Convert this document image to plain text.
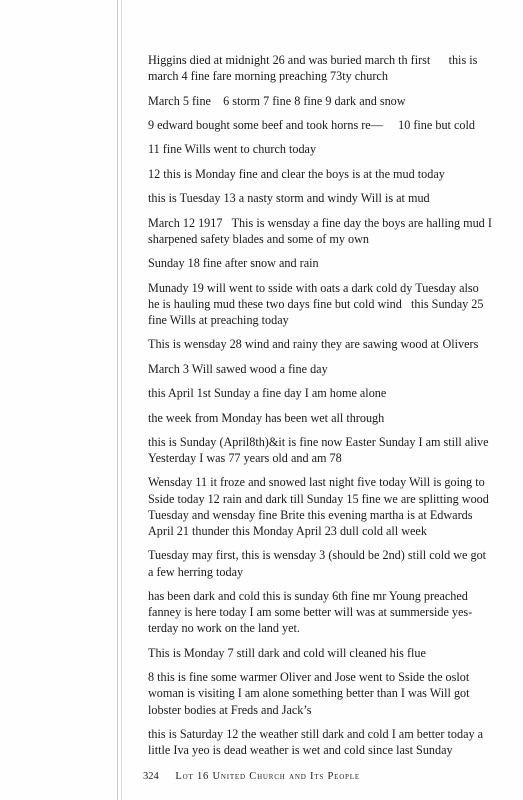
Higgins died at midnight 26 and was buried march th first      this is march 4 fine fare morning preaching 73ty church

March 5 fine    6 storm 7 fine 8 fine 9 dark and snow

9 edward bought some beef and took horns re—     10 fine but cold

11 fine Wills went to church today

12 this is Monday fine and clear the boys is at the mud today

this is Tuesday 13 a nasty storm and windy Will is at mud

March 12 1917   This is wensday a fine day the boys are halling mud I sharpened safety blades and some of my own

Sunday 18 fine after snow and rain

Munady 19 will went to sside with oats a dark cold dy Tuesday also he is hauling mud these two days fine but cold wind   this Sunday 25 fine Wills at preaching today

This is wensday 28 wind and rainy they are sawing wood at Olivers

March 3 Will sawed wood a fine day

this April 1st Sunday a fine day I am home alone

the week from Monday has been wet all through

this is Sunday (April8th)&it is fine now Easter Sunday I am still alive Yesterday I was 77 years old and am 78

Wensday 11 it froze and snowed last night five today Will is going to Sside today 12 rain and dark till Sunday 15 fine we are splitting wood Tuesday and wensday fine Brite this evening martha is at Edwards April 21 thunder this Monday April 23 dull cold all week

Tuesday may first, this is wensday 3 (should be 2nd) still cold we got a few herring today

has been dark and cold this is sunday 6th fine mr Young preached fanney is here today I am some better will was at summerside yes-terday no work on the land yet.

This is Monday 7 still dark and cold will cleaned his flue

8 this is fine some warmer Oliver and Jose went to Sside the oslot woman is visiting I am alone something better than I was Will got lobster bodies at Freds and Jack’s

this is Saturday 12 the weather still dark and cold I am better today a little Iva yeo is dead weather is wet and cold since last Sunday

324 Lot 16 United Church and Its People
